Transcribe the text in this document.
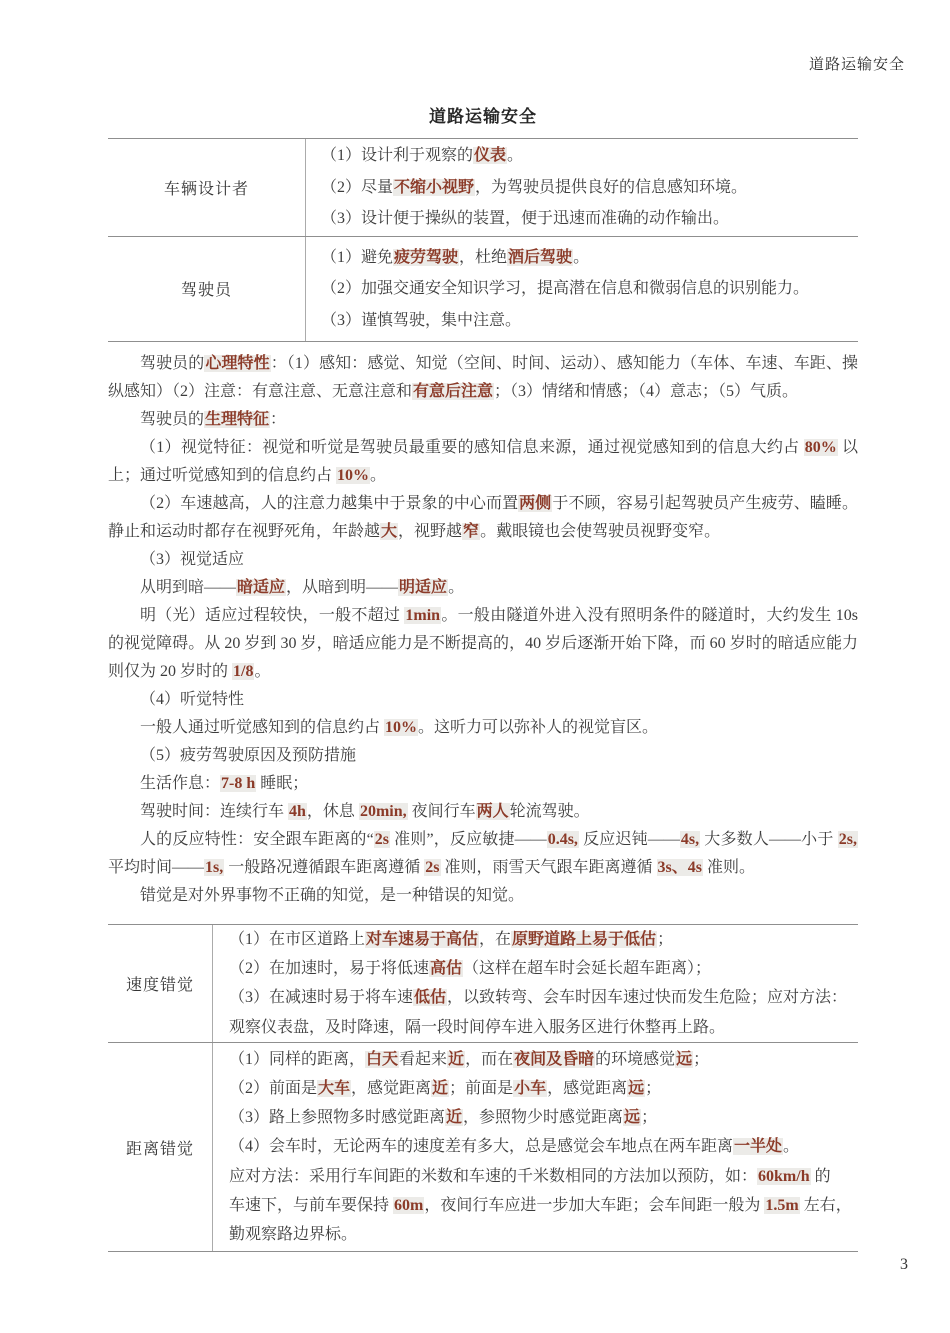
道路运输安全
道路运输安全
车辆设计者
（1）设计利于观察的仪表。
（2）尽量不缩小视野，为驾驶员提供良好的信息感知环境。
（3）设计便于操纵的装置，便于迅速而准确的动作输出。
驾驶员
（1）避免疲劳驾驶，杜绝酒后驾驶。
（2）加强交通安全知识学习，提高潜在信息和微弱信息的识别能力。
（3）谨慎驾驶，集中注意。

驾驶员的心理特性：（1）感知：感觉、知觉（空间、时间、运动）、感知能力（车体、车速、车距、操纵感知）（2）注意：有意注意、无意注意和有意后注意；（3）情绪和情感；（4）意志；（5）气质。

驾驶员的生理特征：

（1）视觉特征：视觉和听觉是驾驶员最重要的感知信息来源，通过视觉感知到的信息大约占 80% 以上；通过听觉感知到的信息约占 10%。

（2）车速越高，人的注意力越集中于景象的中心而置两侧于不顾，容易引起驾驶员产生疲劳、瞌睡。静止和运动时都存在视野死角，年龄越大，视野越窄。戴眼镜也会使驾驶员视野变窄。

（3）视觉适应

从明到暗——暗适应，从暗到明——明适应。

明（光）适应过程较快，一般不超过 1min。一般由隧道外进入没有照明条件的隧道时，大约发生 10s 的视觉障碍。从 20 岁到 30 岁，暗适应能力是不断提高的，40 岁后逐渐开始下降，而 60 岁时的暗适应能力则仅为 20 岁时的 1/8。

（4）听觉特性

一般人通过听觉感知到的信息约占 10%。这听力可以弥补人的视觉盲区。

（5）疲劳驾驶原因及预防措施

生活作息：7-8 h 睡眠；

驾驶时间：连续行车 4h，休息 20min, 夜间行车两人轮流驾驶。

人的反应特性：安全跟车距离的“2s 准则”，反应敏捷——0.4s, 反应迟钝——4s, 大多数人——小于 2s, 平均时间——1s, 一般路况遵循跟车距离遵循 2s 准则，雨雪天气跟车距离遵循 3s、4s 准则。

错觉是对外界事物不正确的知觉，是一种错误的知觉。

速度错觉
（1）在市区道路上对车速易于高估，在原野道路上易于低估；
（2）在加速时，易于将低速高估（这样在超车时会延长超车距离）；
（3）在减速时易于将车速低估，以致转弯、会车时因车速过快而发生危险；应对方法：
观察仪表盘，及时降速，隔一段时间停车进入服务区进行休整再上路。
距离错觉
（1）同样的距离，白天看起来近，而在夜间及昏暗的环境感觉远；
（2）前面是大车，感觉距离近；前面是小车，感觉距离远；
（3）路上参照物多时感觉距离近，参照物少时感觉距离远；
（4）会车时，无论两车的速度差有多大，总是感觉会车地点在两车距离一半处。
应对方法：采用行车间距的米数和车速的千米数相同的方法加以预防，如：60km/h 的
车速下，与前车要保持 60m，夜间行车应进一步加大车距；会车间距一般为 1.5m 左右，
勤观察路边界标。
3
